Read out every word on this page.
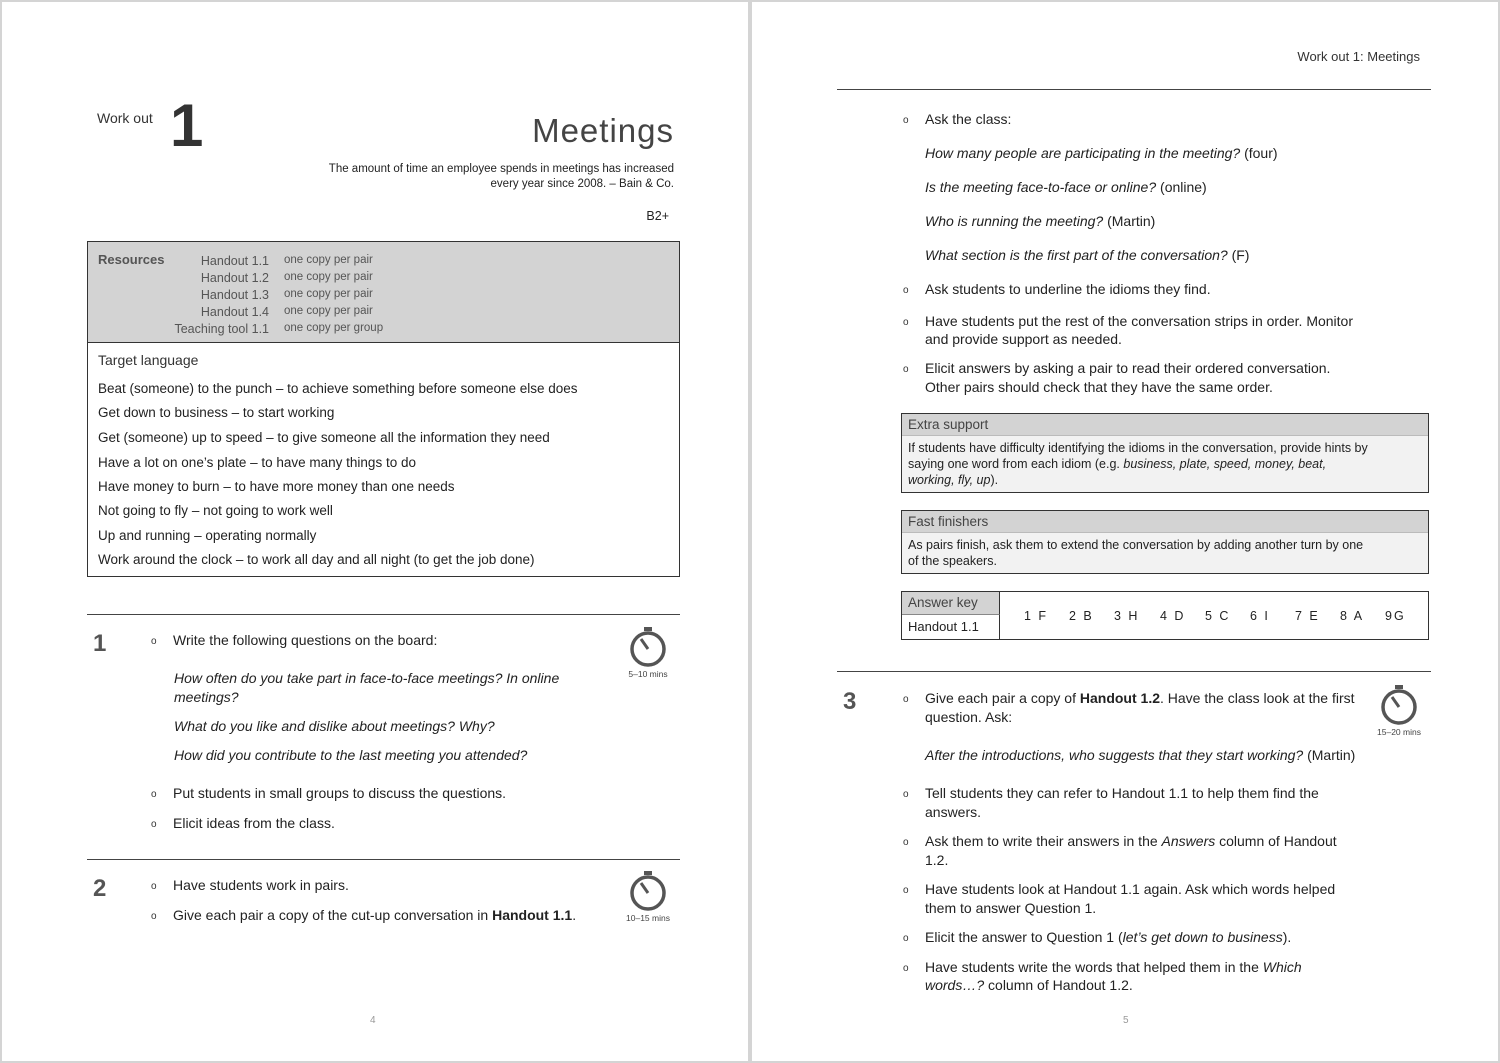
Work out 1	Meetings
The amount of time an employee spends in meetings has increased
every year since 2008. – Bain & Co.
B2+
Resources	Handout 1.1 one copy per pair
Handout 1.2 one copy per pair
Handout 1.3 one copy per pair
Handout 1.4 one copy per pair
Teaching tool 1.1 one copy per group
Target language
Beat (someone) to the punch – to achieve something before someone else does
Get down to business – to start working
Get (someone) up to speed – to give someone all the information they need
Have a lot on one’s plate – to have many things to do
Have money to burn – to have more money than one needs
Not going to fly – not going to work well
Up and running – operating normally
Work around the clock – to work all day and all night (to get the job done)
1	o Write the following questions on the board:
How often do you take part in face-to-face meetings? In online
meetings?
What do you like and dislike about meetings? Why?
How did you contribute to the last meeting you attended?
o Put students in small groups to discuss the questions.
o Elicit ideas from the class.
5–10 mins
2	o Have students work in pairs.
o Give each pair a copy of the cut-up conversation in Handout 1.1.	10–15 mins
4
Work out 1: Meetings
o Ask the class:
How many people are participating in the meeting? (four)
Is the meeting face-to-face or online? (online)
Who is running the meeting? (Martin)
What section is the first part of the conversation? (F)
o Ask students to underline the idioms they find.
o Have students put the rest of the conversation strips in order. Monitor
and provide support as needed.
o Elicit answers by asking a pair to read their ordered conversation.
Other pairs should check that they have the same order.
Extra support
If students have difficulty identifying the idioms in the conversation, provide hints by
saying one word from each idiom (e.g. business, plate, speed, money, beat,
working, fly, up).
Fast finishers
As pairs finish, ask them to extend the conversation by adding another turn by one
of the speakers.
Answer key
Handout 1.1
1 F 2 B 3 H 4 D 5 C 6 I 7 E 8 A 9G
3	o Give each pair a copy of Handout 1.2. Have the class look at the first
question. Ask:
After the introductions, who suggests that they start working? (Martin)
o Tell students they can refer to Handout 1.1 to help them find the
answers.
o Ask them to write their answers in the Answers column of Handout
1.2.
o Have students look at Handout 1.1 again. Ask which words helped
them to answer Question 1.
o Elicit the answer to Question 1 (let’s get down to business).
o Have students write the words that helped them in the Which
words…? column of Handout 1.2.
15–20 mins
5
